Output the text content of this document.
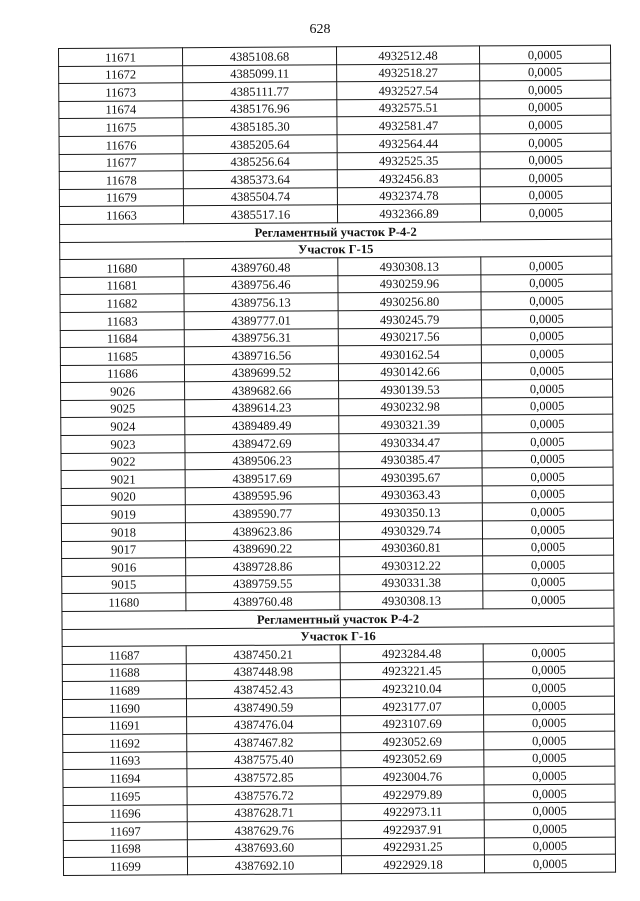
628
11671	4385108.68	4932512.48	0,0005
11672	4385099.11	4932518.27	0,0005
11673	4385111.77	4932527.54	0,0005
11674	4385176.96	4932575.51	0,0005
11675	4385185.30	4932581.47	0,0005
11676	4385205.64	4932564.44	0,0005
11677	4385256.64	4932525.35	0,0005
11678	4385373.64	4932456.83	0,0005
11679	4385504.74	4932374.78	0,0005
11663	4385517.16	4932366.89	0,0005
Регламентный участок Р-4-2			
Участок Г-15			
11680	4389760.48	4930308.13	0,0005
11681	4389756.46	4930259.96	0,0005
11682	4389756.13	4930256.80	0,0005
11683	4389777.01	4930245.79	0,0005
11684	4389756.31	4930217.56	0,0005
11685	4389716.56	4930162.54	0,0005
11686	4389699.52	4930142.66	0,0005
9026	4389682.66	4930139.53	0,0005
9025	4389614.23	4930232.98	0,0005
9024	4389489.49	4930321.39	0,0005
9023	4389472.69	4930334.47	0,0005
9022	4389506.23	4930385.47	0,0005
9021	4389517.69	4930395.67	0,0005
9020	4389595.96	4930363.43	0,0005
9019	4389590.77	4930350.13	0,0005
9018	4389623.86	4930329.74	0,0005
9017	4389690.22	4930360.81	0,0005
9016	4389728.86	4930312.22	0,0005
9015	4389759.55	4930331.38	0,0005
11680	4389760.48	4930308.13	0,0005
Регламентный участок Р-4-2			
Участок Г-16			
11687	4387450.21	4923284.48	0,0005
11688	4387448.98	4923221.45	0,0005
11689	4387452.43	4923210.04	0,0005
11690	4387490.59	4923177.07	0,0005
11691	4387476.04	4923107.69	0,0005
11692	4387467.82	4923052.69	0,0005
11693	4387575.40	4923052.69	0,0005
11694	4387572.85	4923004.76	0,0005
11695	4387576.72	4922979.89	0,0005
11696	4387628.71	4922973.11	0,0005
11697	4387629.76	4922937.91	0,0005
11698	4387693.60	4922931.25	0,0005
11699	4387692.10	4922929.18	0,0005
